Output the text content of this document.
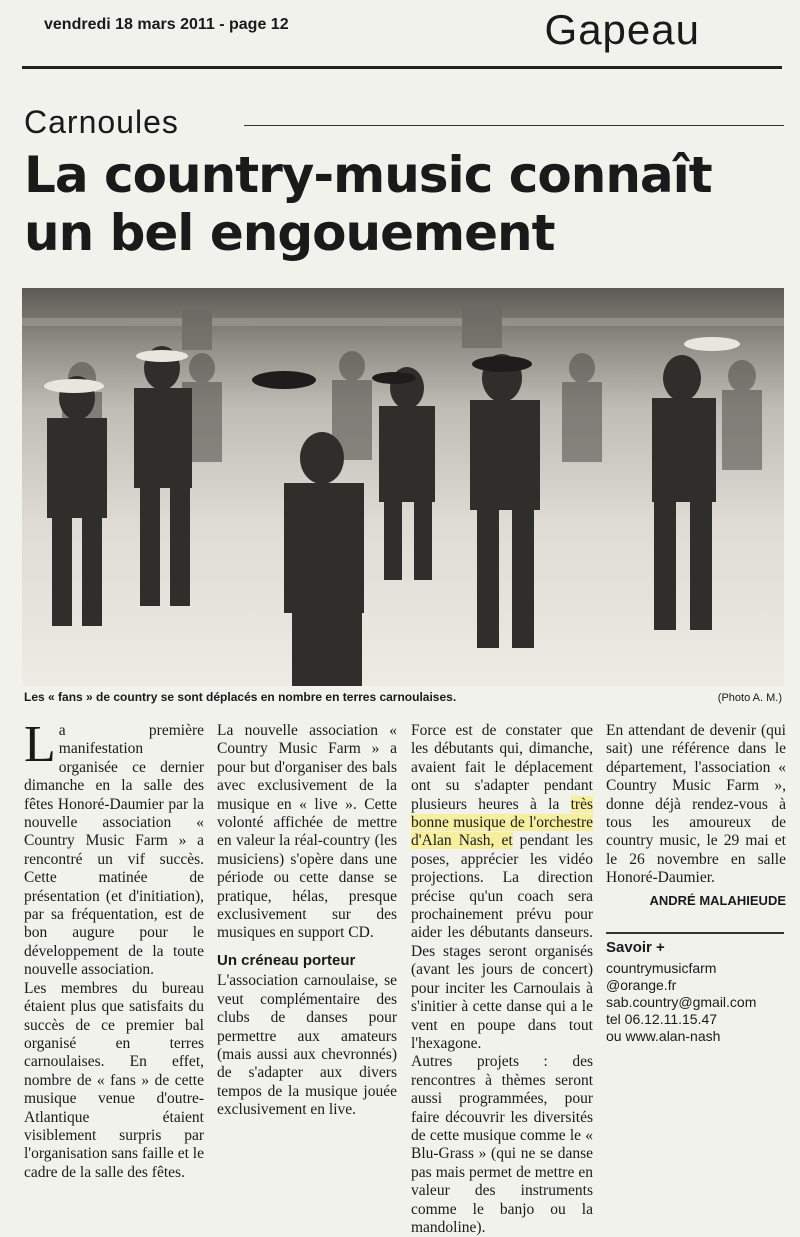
vendredi 18 mars 2011 - page 12	Gapeau
Carnoules
La country-music connaît un bel engouement
Les « fans » de country se sont déplacés en nombre en terres carnoulaises.	(Photo A. M.)

La première manifestation organisée ce dernier dimanche en la salle des fêtes Honoré-Daumier par la nouvelle association « Country Music Farm » a rencontré un vif succès. Cette matinée de présentation (et d'initiation), par sa fréquentation, est de bon augure pour le développement de la toute nouvelle association.

Les membres du bureau étaient plus que satisfaits du succès de ce premier bal organisé en terres carnoulaises. En effet, nombre de « fans » de cette musique venue d'outre-Atlantique étaient visiblement surpris par l'organisation sans faille et le cadre de la salle des fêtes.

La nouvelle association « Country Music Farm » a pour but d'organiser des bals avec exclusivement de la musique en « live ». Cette volonté affichée de mettre en valeur la réal-country (les musiciens) s'opère dans une période ou cette danse se pratique, hélas, presque exclusivement sur des musiques en support CD.

Un créneau porteur

L'association carnoulaise, se veut complémentaire des clubs de danses pour permettre aux amateurs (mais aussi aux chevronnés) de s'adapter aux divers tempos de la musique jouée exclusivement en live.

Force est de constater que les débutants qui, dimanche, avaient fait le déplacement ont su s'adapter pendant plusieurs heures à la très bonne musique de l'orchestre d'Alan Nash, et pendant les poses, apprécier les vidéo projections. La direction précise qu'un coach sera prochainement prévu pour aider les débutants danseurs. Des stages seront organisés (avant les jours de concert) pour inciter les Carnoulais à s'initier à cette danse qui a le vent en poupe dans tout l'hexagone.

Autres projets : des rencontres à thèmes seront aussi programmées, pour faire découvrir les diversités de cette musique comme le « Blu-Grass » (qui ne se danse pas mais permet de mettre en valeur des instruments comme le banjo ou la mandoline).

En attendant de devenir (qui sait) une référence dans le département, l'association « Country Music Farm », donne déjà rendez-vous à tous les amoureux de country music, le 29 mai et le 26 novembre en salle Honoré-Daumier.

ANDRÉ MALAHIEUDE
Savoir +
countrymusicfarm
@orange.fr
sab.country@gmail.com
tel 06.12.11.15.47
ou www.alan-nash
